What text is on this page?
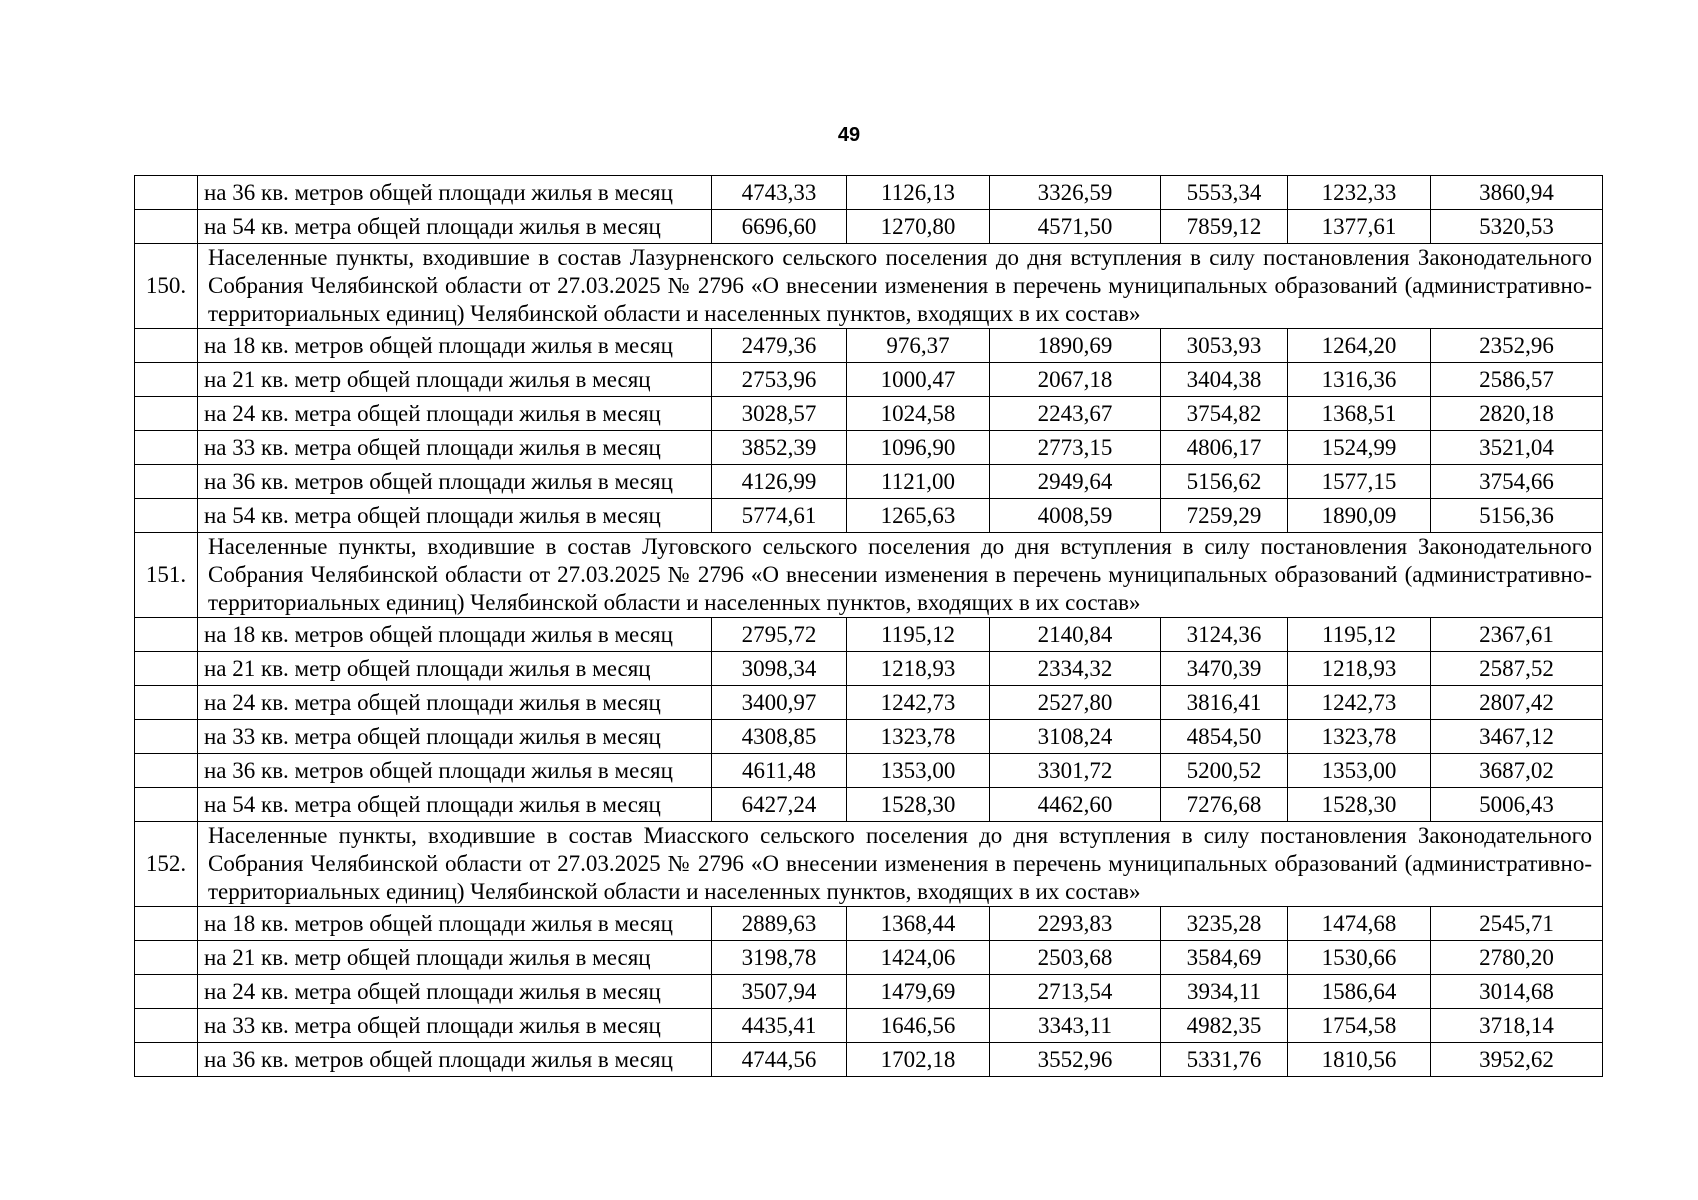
49
	на 36 кв. метров общей площади жилья в месяц	4743,33	1126,13	3326,59	5553,34	1232,33	3860,94
	на 54 кв. метра общей площади жилья в месяц	6696,60	1270,80	4571,50	7859,12	1377,61	5320,53
150.	Населенные пункты, входившие в состав Лазурненского сельского поселения до дня вступления в силу постановления Законодательного Собрания Челябинской области от 27.03.2025 № 2796 «О внесении изменения в перечень муниципальных образований (административно-территориальных единиц) Челябинской области и населенных пунктов, входящих в их состав»						
	на 18 кв. метров общей площади жилья в месяц	2479,36	976,37	1890,69	3053,93	1264,20	2352,96
	на 21 кв. метр общей площади жилья в месяц	2753,96	1000,47	2067,18	3404,38	1316,36	2586,57
	на 24 кв. метра общей площади жилья в месяц	3028,57	1024,58	2243,67	3754,82	1368,51	2820,18
	на 33 кв. метра общей площади жилья в месяц	3852,39	1096,90	2773,15	4806,17	1524,99	3521,04
	на 36 кв. метров общей площади жилья в месяц	4126,99	1121,00	2949,64	5156,62	1577,15	3754,66
	на 54 кв. метра общей площади жилья в месяц	5774,61	1265,63	4008,59	7259,29	1890,09	5156,36
151.	Населенные пункты, входившие в состав Луговского сельского поселения до дня вступления в силу постановления Законодательного Собрания Челябинской области от 27.03.2025 № 2796 «О внесении изменения в перечень муниципальных образований (административно-территориальных единиц) Челябинской области и населенных пунктов, входящих в их состав»						
	на 18 кв. метров общей площади жилья в месяц	2795,72	1195,12	2140,84	3124,36	1195,12	2367,61
	на 21 кв. метр общей площади жилья в месяц	3098,34	1218,93	2334,32	3470,39	1218,93	2587,52
	на 24 кв. метра общей площади жилья в месяц	3400,97	1242,73	2527,80	3816,41	1242,73	2807,42
	на 33 кв. метра общей площади жилья в месяц	4308,85	1323,78	3108,24	4854,50	1323,78	3467,12
	на 36 кв. метров общей площади жилья в месяц	4611,48	1353,00	3301,72	5200,52	1353,00	3687,02
	на 54 кв. метра общей площади жилья в месяц	6427,24	1528,30	4462,60	7276,68	1528,30	5006,43
152.	Населенные пункты, входившие в состав Миасского сельского поселения до дня вступления в силу постановления Законодательного Собрания Челябинской области от 27.03.2025 № 2796 «О внесении изменения в перечень муниципальных образований (административно-территориальных единиц) Челябинской области и населенных пунктов, входящих в их состав»						
	на 18 кв. метров общей площади жилья в месяц	2889,63	1368,44	2293,83	3235,28	1474,68	2545,71
	на 21 кв. метр общей площади жилья в месяц	3198,78	1424,06	2503,68	3584,69	1530,66	2780,20
	на 24 кв. метра общей площади жилья в месяц	3507,94	1479,69	2713,54	3934,11	1586,64	3014,68
	на 33 кв. метра общей площади жилья в месяц	4435,41	1646,56	3343,11	4982,35	1754,58	3718,14
	на 36 кв. метров общей площади жилья в месяц	4744,56	1702,18	3552,96	5331,76	1810,56	3952,62
